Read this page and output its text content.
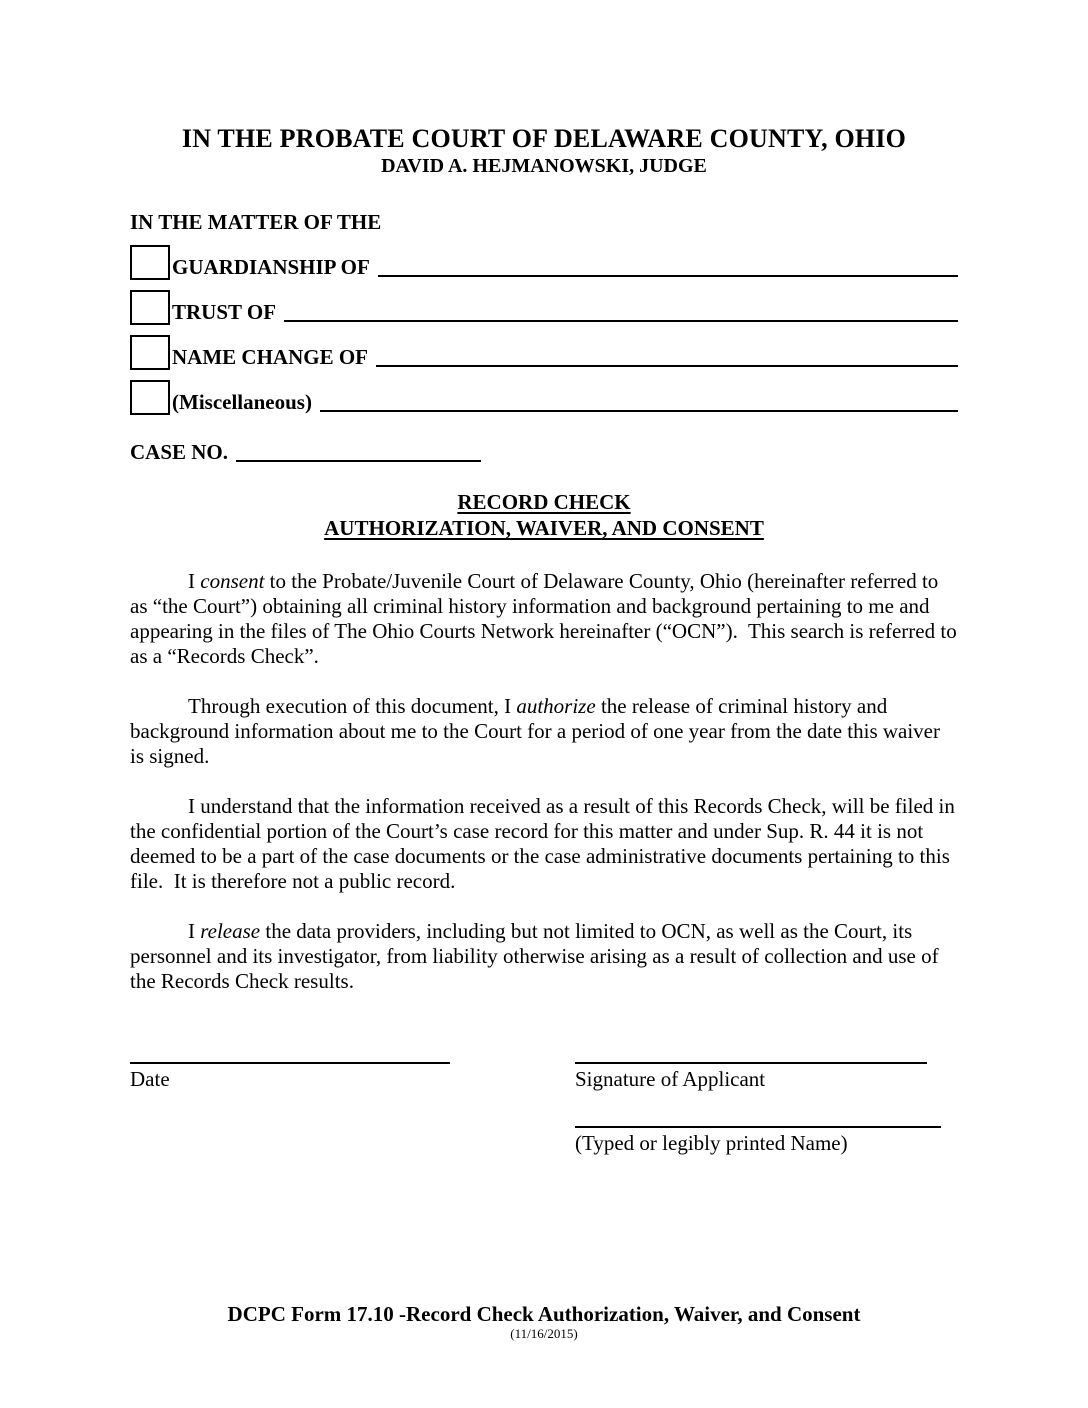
IN THE PROBATE COURT OF DELAWARE COUNTY, OHIO
DAVID A. HEJMANOWSKI, JUDGE
IN THE MATTER OF THE
GUARDIANSHIP OF
TRUST OF
NAME CHANGE OF
(Miscellaneous)
CASE NO.
RECORD CHECK
AUTHORIZATION, WAIVER, AND CONSENT

I consent to the Probate/Juvenile Court of Delaware County, Ohio (hereinafter referred to as “the Court”) obtaining all criminal history information and background pertaining to me and appearing in the files of The Ohio Courts Network hereinafter (“OCN”).  This search is referred to as a “Records Check”.

Through execution of this document, I authorize the release of criminal history and background information about me to the Court for a period of one year from the date this waiver is signed.

I understand that the information received as a result of this Records Check, will be filed in the confidential portion of the Court’s case record for this matter and under Sup. R. 44 it is not deemed to be a part of the case documents or the case administrative documents pertaining to this file.  It is therefore not a public record.

I release the data providers, including but not limited to OCN, as well as the Court, its personnel and its investigator, from liability otherwise arising as a result of collection and use of the Records Check results.

Date	Signature of Applicant
(Typed or legibly printed Name)
DCPC Form 17.10 -Record Check Authorization, Waiver, and Consent
(11/16/2015)
